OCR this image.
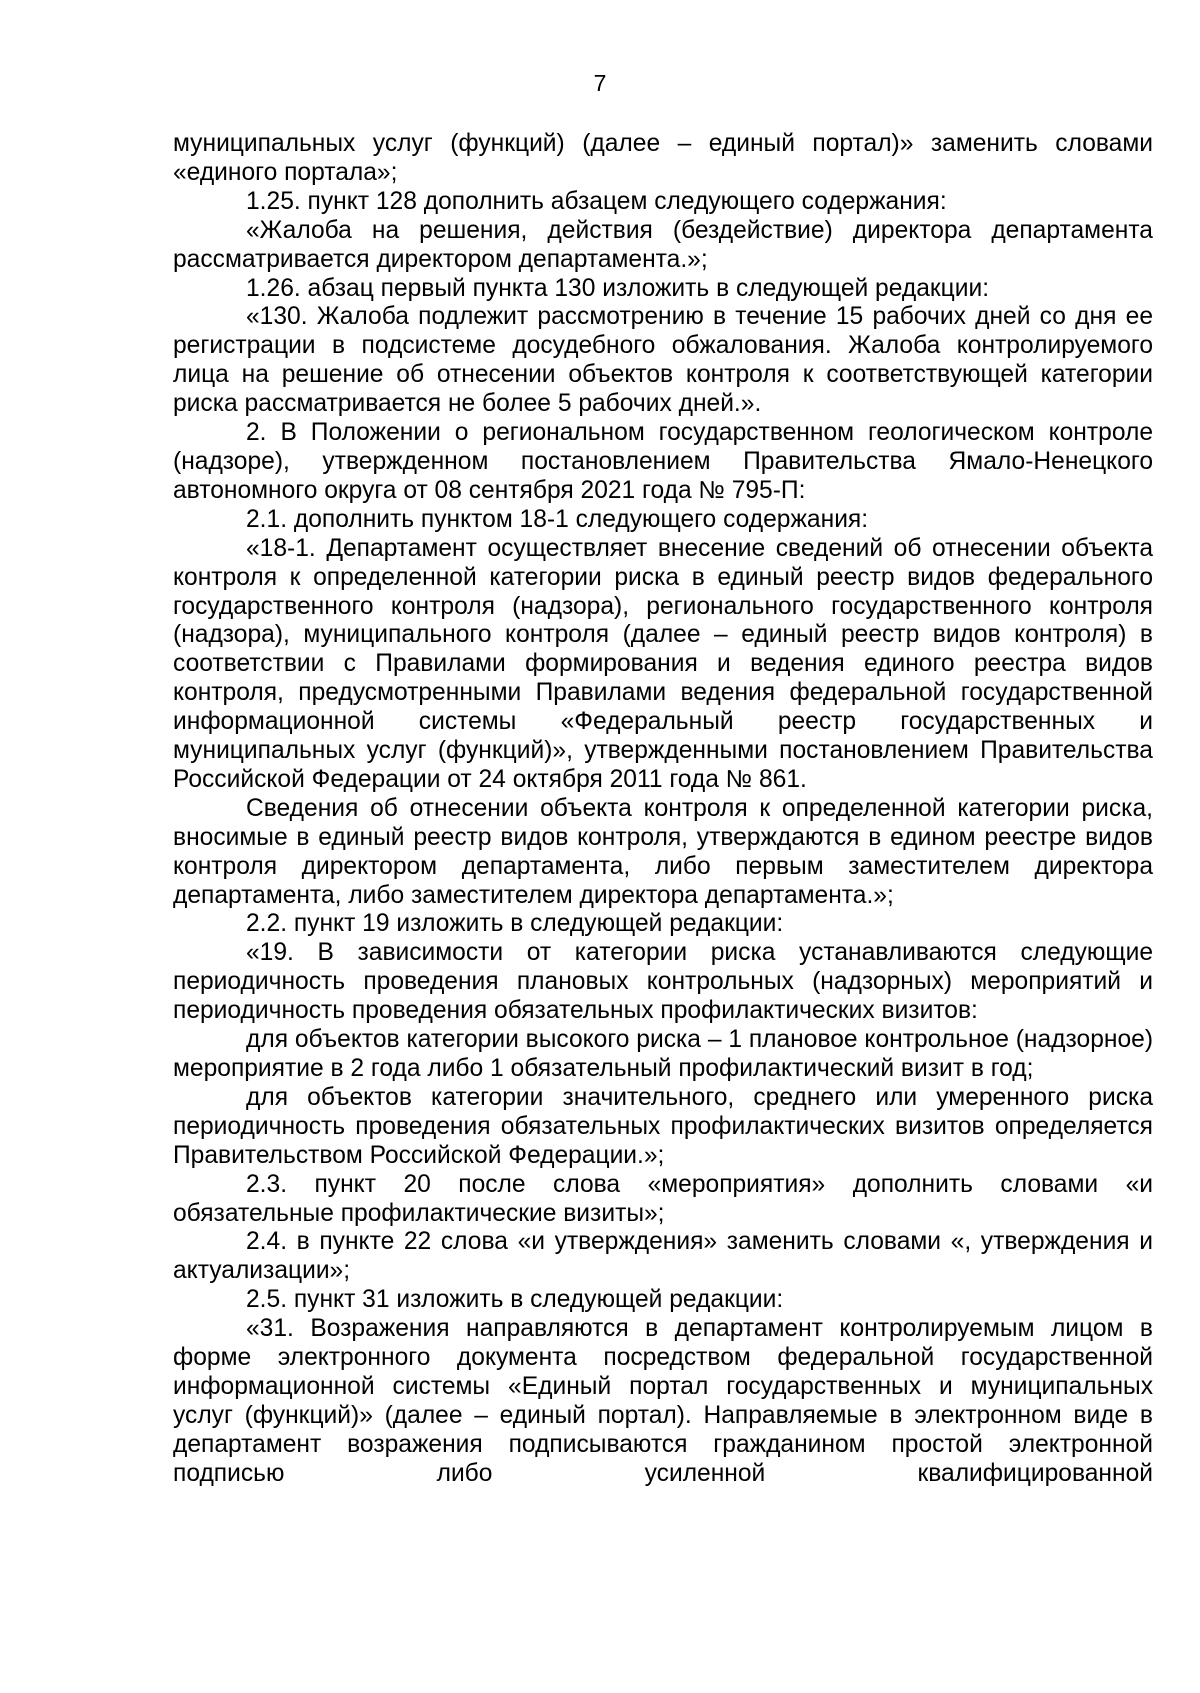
7

муниципальных услуг (функций) (далее – единый портал)» заменить словами «единого портала»;

1.25. пункт 128 дополнить абзацем следующего содержания:

«Жалоба на решения, действия (бездействие) директора департамента рассматривается директором департамента.»;

1.26. абзац первый пункта 130 изложить в следующей редакции:

«130. Жалоба подлежит рассмотрению в течение 15 рабочих дней со дня ее регистрации в подсистеме досудебного обжалования. Жалоба контролируемого лица на решение об отнесении объектов контроля к соответствующей категории риска рассматривается не более 5 рабочих дней.».

2. В Положении о региональном государственном геологическом контроле (надзоре), утвержденном постановлением Правительства Ямало-Ненецкого автономного округа от 08 сентября 2021 года № 795-П:

2.1. дополнить пунктом 18-1 следующего содержания:

«18-1. Департамент осуществляет внесение сведений об отнесении объекта контроля к определенной категории риска в единый реестр видов федерального государственного контроля (надзора), регионального государственного контроля (надзора), муниципального контроля (далее – единый реестр видов контроля) в соответствии с Правилами формирования и ведения единого реестра видов контроля, предусмотренными Правилами ведения федеральной государственной информационной системы «Федеральный реестр государственных и муниципальных услуг (функций)», утвержденными постановлением Правительства Российской Федерации от 24 октября 2011 года № 861.

Сведения об отнесении объекта контроля к определенной категории риска, вносимые в единый реестр видов контроля, утверждаются в едином реестре видов контроля директором департамента, либо первым заместителем директора департамента, либо заместителем директора департамента.»;

2.2. пункт 19 изложить в следующей редакции:

«19. В зависимости от категории риска устанавливаются следующие периодичность проведения плановых контрольных (надзорных) мероприятий и периодичность проведения обязательных профилактических визитов:

для объектов категории высокого риска – 1 плановое контрольное (надзорное) мероприятие в 2 года либо 1 обязательный профилактический визит в год;

для объектов категории значительного, среднего или умеренного риска периодичность проведения обязательных профилактических визитов определяется Правительством Российской Федерации.»;

2.3. пункт 20 после слова «мероприятия» дополнить словами «и обязательные профилактические визиты»;

2.4. в пункте 22 слова «и утверждения» заменить словами «, утверждения и актуализации»;

2.5. пункт 31 изложить в следующей редакции:

«31. Возражения направляются в департамент контролируемым лицом в форме электронного документа посредством федеральной государственной информационной системы «Единый портал государственных и муниципальных услуг (функций)» (далее – единый портал). Направляемые в электронном виде в департамент возражения подписываются гражданином простой электронной подписью либо усиленной квалифицированной
